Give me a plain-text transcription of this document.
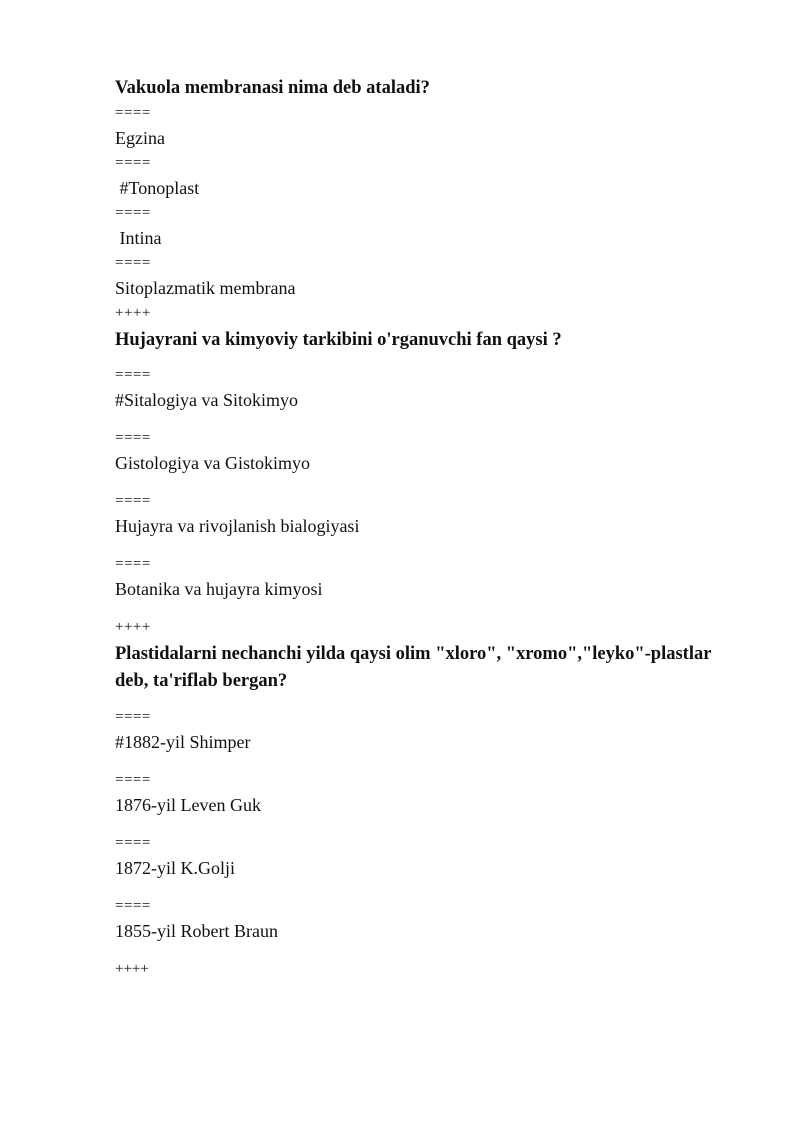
Vakuola membranasi nima deb ataladi?
====
Egzina
====
#Tonoplast
====
Intina
====
Sitoplazmatik membrana
++++
Hujayrani va kimyoviy tarkibini o'rganuvchi fan qaysi ?
====
#Sitalogiya va Sitokimyo
====
Gistologiya va Gistokimyo
====
Hujayra va rivojlanish bialogiyasi
====
Botanika va hujayra kimyosi
++++
Plastidalarni nechanchi yilda qaysi olim "xloro", "xromo","leyko"-plastlar deb, ta'riflab bergan?
====
#1882-yil Shimper
====
1876-yil Leven Guk
====
1872-yil K.Golji
====
1855-yil Robert Braun
++++
